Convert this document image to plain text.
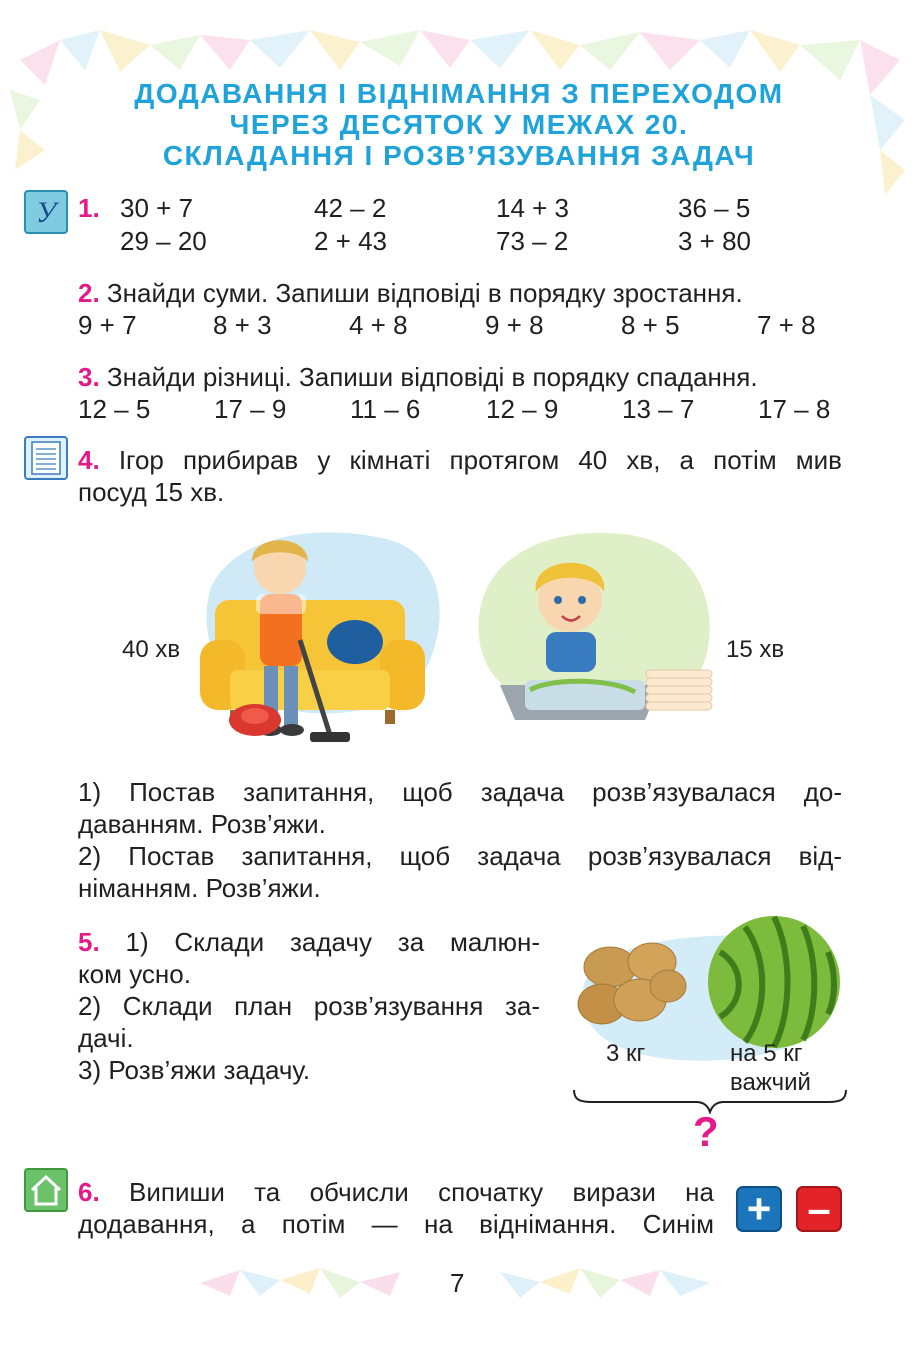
ДОДАВАННЯ І ВІДНІМАННЯ З ПЕРЕХОДОМ
ЧЕРЕЗ ДЕСЯТОК У МЕЖАХ 20.
СКЛАДАННЯ І РОЗВ’ЯЗУВАННЯ ЗАДАЧ
У 1. 30 + 7	42 – 2	14 + 3	36 – 5
29 – 20	2 + 43	73 – 2	3 + 80
2. Знайди суми. Запиши відповіді в порядку зростання.
9 + 7	8 + 3	4 + 8	9 + 8	8 + 5	7 + 8
3. Знайди різниці. Запиши відповіді в порядку спадання.
12 – 5 17 – 9 11 – 6	12 – 9 13 – 7 17 – 8
4. Ігор прибирав у кімнаті протягом 40 хв, а потім мив
посуд 15 хв.
40 хв	15 хв
1) Постав запитання, щоб задача розв’язувалася до-
даванням. Розв’яжи.
2) Постав запитання, щоб задача розв’язувалася від-
німанням. Розв’яжи.
5. 1) Склади задачу за малюн-
ком усно.
2) Склади план розв’язування за-
дачі.
3) Розв’яжи задачу.
3 кг	на 5 кг
важчий
?
6. Випиши та обчисли спочатку вирази на
додавання, а потім — на віднімання. Синім + –
7
